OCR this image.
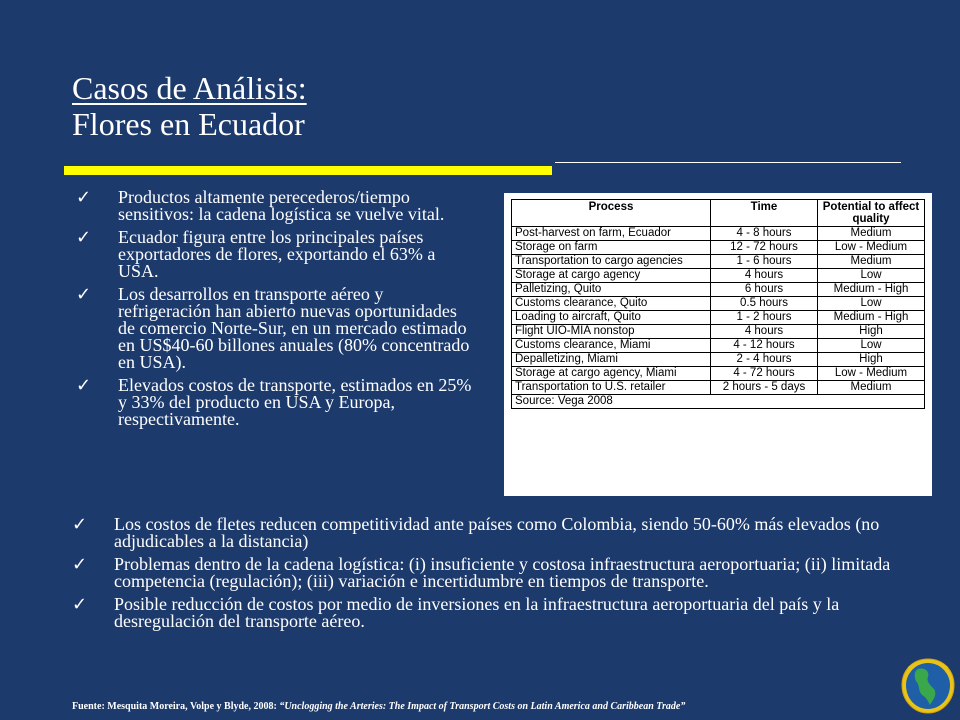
Casos de Análisis:
Flores en Ecuador
✓	Productos altamente perecederos/tiempo sensitivos: la cadena logística se vuelve vital.
✓	Ecuador figura entre los principales países exportadores de flores, exportando el 63% a USA.
✓	Los desarrollos en transporte aéreo y refrigeración han abierto nuevas oportunidades de comercio Norte-Sur, en un mercado estimado en US$40-60 billones anuales (80% concentrado en USA).
✓	Elevados costos de transporte, estimados en 25% y 33% del producto en USA y Europa, respectivamente.
Process	Time	Potential to affect quality
Post-harvest on farm, Ecuador	4 - 8 hours	Medium
Storage on farm	12 - 72 hours	Low - Medium
Transportation to cargo agencies	1 - 6 hours	Medium
Storage at cargo agency	4 hours	Low
Palletizing, Quito	6 hours	Medium - High
Customs clearance, Quito	0.5 hours	Low
Loading to aircraft, Quito	1 - 2 hours	Medium - High
Flight UIO-MIA nonstop	4 hours	High
Customs clearance, Miami	4 - 12 hours	Low
Depalletizing, Miami	2 - 4 hours	High
Storage at cargo agency, Miami	4 - 72 hours	Low - Medium
Transportation to U.S. retailer	2 hours - 5 days	Medium
Source: Vega 2008		
✓	Los costos de fletes reducen competitividad ante países como Colombia, siendo 50-60% más elevados (no adjudicables a la distancia)
✓	Problemas dentro de la cadena logística: (i) insuficiente y costosa infraestructura aeroportuaria; (ii) limitada competencia (regulación); (iii) variación e incertidumbre en tiempos de transporte.
✓	Posible reducción de costos por medio de inversiones en la infraestructura aeroportuaria del país y la desregulación del transporte aéreo.
Fuente: Mesquita Moreira, Volpe y Blyde, 2008: “Unclogging the Arteries: The Impact of Transport Costs on Latin America and Caribbean Trade”
